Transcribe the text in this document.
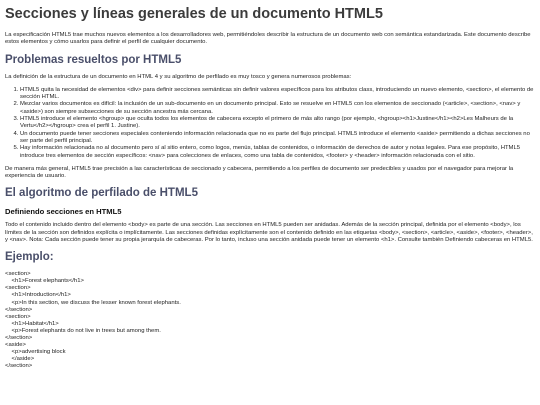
Secciones y líneas generales de un documento HTML5

La especificación HTML5 trae muchos nuevos elementos a los desarrolladores web, permitiéndoles describir la estructura de un documento web con semántica estandarizada. Este documento describe estos elementos y cómo usarlos para definir el perfil de cualquier documento.

Problemas resueltos por HTML5

La definición de la estructura de un documento en HTML 4 y su algoritmo de perfilado es muy tosco y genera numerosos problemas:

1. HTML5 quita la necesidad de elementos <div> para definir secciones semánticas sin definir valores específicos para los atributos class, introduciendo un nuevo elemento, <section>, el elemento de sección HTML.
2. Mezclar varios documentos es difícil: la inclusión de un sub-documento en un documento principal. Esto se resuelve en HTML5 con los elementos de seccionado (<article>, <section>, <nav> y <aside>) son siempre subsecciones de su sección ancestra más cercana.
3. HTML5 introduce el elemento <hgroup> que oculta todos los elementos de cabecera excepto el primero de más alto rango (por ejemplo, <hgroup><h1>Justine</h1><h2>Les Malheurs de la Vertu</h2></hgroup> crea el perfil 1. Justine).
4. Un documento puede tener secciones especiales conteniendo información relacionada que no es parte del flujo principal. HTML5 introduce el elemento <aside> permitiendo a dichas secciones no ser parte del perfil principal.
5. Hay información relacionada no al documento pero sí al sitio entero, como logos, menús, tablas de contenidos, o información de derechos de autor y notas legales. Para ese propósito, HTML5 introduce tres elementos de sección específicos: <nav> para colecciones de enlaces, como una tabla de contenidos, <footer> y <header> información relacionada con el sitio.

De manera más general, HTML5 trae precisión a las características de seccionado y cabecera, permitiendo a los perfiles de documento ser predecibles y usados por el navegador para mejorar la experiencia de usuario.

El algoritmo de perfilado de HTML5
Definiendo secciones en HTML5

Todo el contenido incluido dentro del elemento <body> es parte de una sección. Las secciones en HTML5 pueden ser anidadas. Además de la sección principal, definida por el elemento <body>, los límites de la sección son definidos explícita o implícitamente. Las secciones definidas explícitamente son el contenido definido en las etiquetas <body>, <section>, <article>, <aside>, <footer>, <header>, y <nav>. Nota: Cada sección puede tener su propia jerarquía de cabeceras. Por lo tanto, incluso una sección anidada puede tener un elemento <h1>. Consulte también Definiendo cabeceras en HTML5.

Ejemplo:
<section>
<h1>Forest elephants</h1>
<section>
<h1>Introduction</h1>
<p>In this section, we discuss the lesser known forest elephants.
</section>
<section>
<h1>Habitat</h1>
<p>Forest elephants do not live in trees but among them.
</section>
<aside>
<p>advertising block
</aside>
</section>
